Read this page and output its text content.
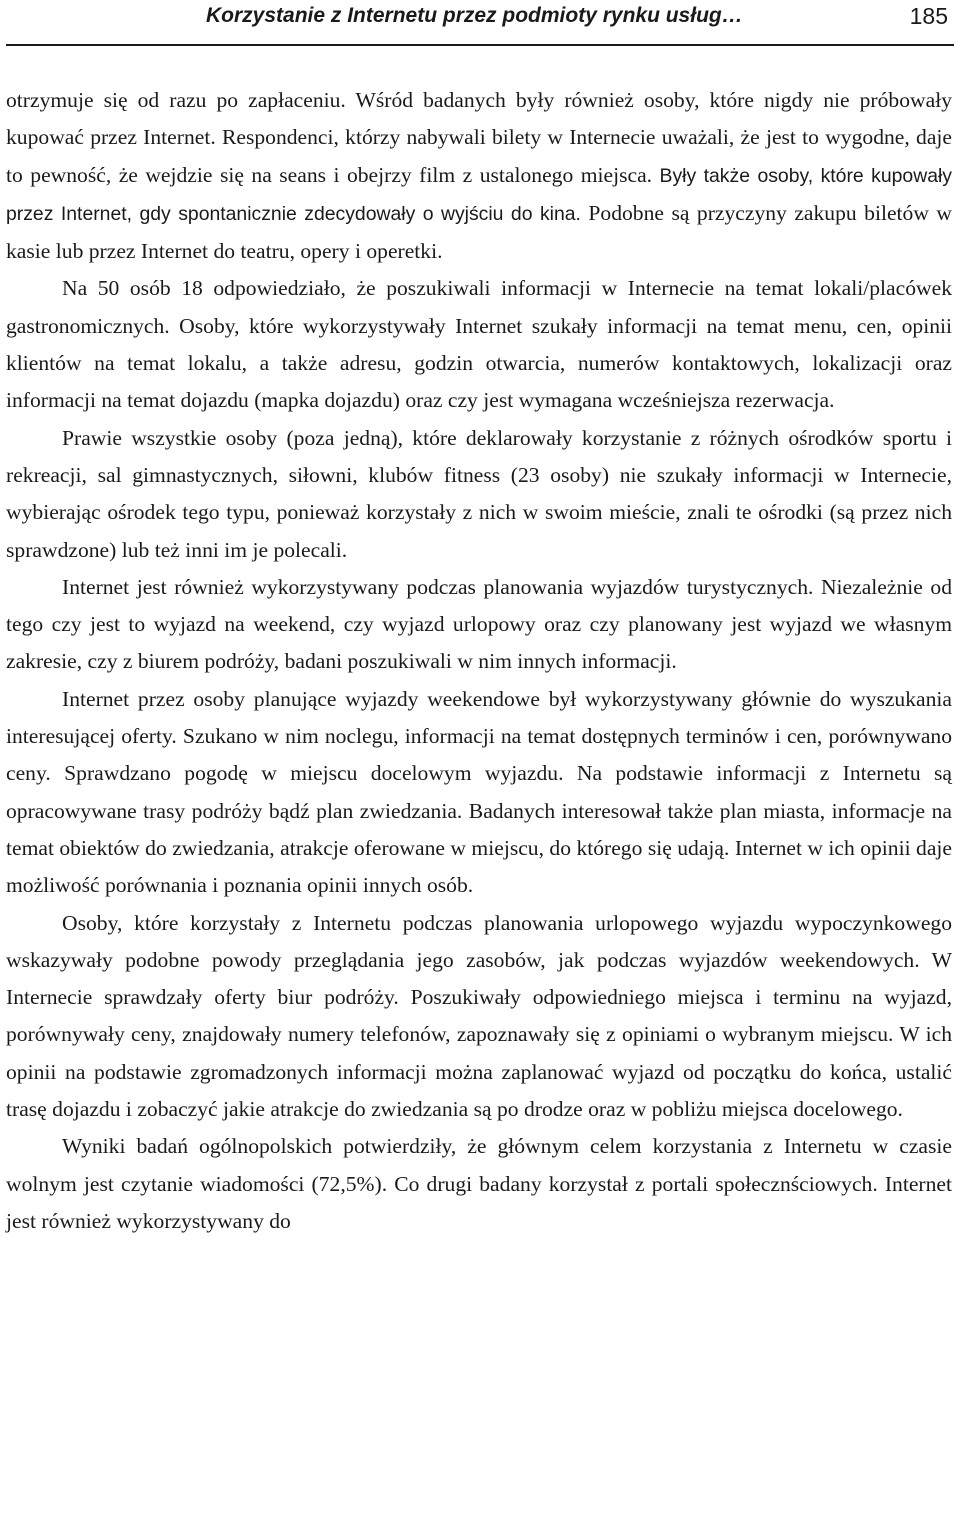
Korzystanie z Internetu przez podmioty rynku usług…	185

otrzymuje się od razu po zapłaceniu. Wśród badanych były również osoby, które nigdy nie próbowały kupować przez Internet. Respondenci, którzy nabywali bilety w Internecie uważali, że jest to wygodne, daje to pewność, że wejdzie się na seans i obejrzy film z ustalonego miejsca. Były także osoby, które kupowały przez Internet, gdy spontanicznie zdecydowały o wyjściu do kina. Podobne są przyczyny zakupu biletów w kasie lub przez Internet do teatru, opery i operetki.

Na 50 osób 18 odpowiedziało, że poszukiwali informacji w Internecie na temat lokali/placówek gastronomicznych. Osoby, które wykorzystywały Internet szukały informacji na temat menu, cen, opinii klientów na temat lokalu, a także adresu, godzin otwarcia, numerów kontaktowych, lokalizacji oraz informacji na temat dojazdu (mapka dojazdu) oraz czy jest wymagana wcześniejsza rezerwacja.

Prawie wszystkie osoby (poza jedną), które deklarowały korzystanie z różnych ośrodków sportu i rekreacji, sal gimnastycznych, siłowni, klubów fitness (23 osoby) nie szukały informacji w Internecie, wybierając ośrodek tego typu, ponieważ korzystały z nich w swoim mieście, znali te ośrodki (są przez nich sprawdzone) lub też inni im je polecali.

Internet jest również wykorzystywany podczas planowania wyjazdów turystycznych. Niezależnie od tego czy jest to wyjazd na weekend, czy wyjazd urlopowy oraz czy planowany jest wyjazd we własnym zakresie, czy z biurem podróży, badani poszukiwali w nim innych informacji.

Internet przez osoby planujące wyjazdy weekendowe był wykorzystywany głównie do wyszukania interesującej oferty. Szukano w nim noclegu, informacji na temat dostępnych terminów i cen, porównywano ceny. Sprawdzano pogodę w miejscu docelowym wyjazdu. Na podstawie informacji z Internetu są opracowywane trasy podróży bądź plan zwiedzania. Badanych interesował także plan miasta, informacje na temat obiektów do zwiedzania, atrakcje oferowane w miejscu, do którego się udają. Internet w ich opinii daje możliwość porównania i poznania opinii innych osób.

Osoby, które korzystały z Internetu podczas planowania urlopowego wyjazdu wypoczynkowego wskazywały podobne powody przeglądania jego zasobów, jak podczas wyjazdów weekendowych. W Internecie sprawdzały oferty biur podróży. Poszukiwały odpowiedniego miejsca i terminu na wyjazd, porównywały ceny, znajdowały numery telefonów, zapoznawały się z opiniami o wybranym miejscu. W ich opinii na podstawie zgromadzonych informacji można zaplanować wyjazd od początku do końca, ustalić trasę dojazdu i zobaczyć jakie atrakcje do zwiedzania są po drodze oraz w pobliżu miejsca docelowego.

Wyniki badań ogólnopolskich potwierdziły, że głównym celem korzystania z Internetu w czasie wolnym jest czytanie wiadomości (72,5%). Co drugi badany korzystał z portali społecznściowych. Internet jest również wykorzystywany do
